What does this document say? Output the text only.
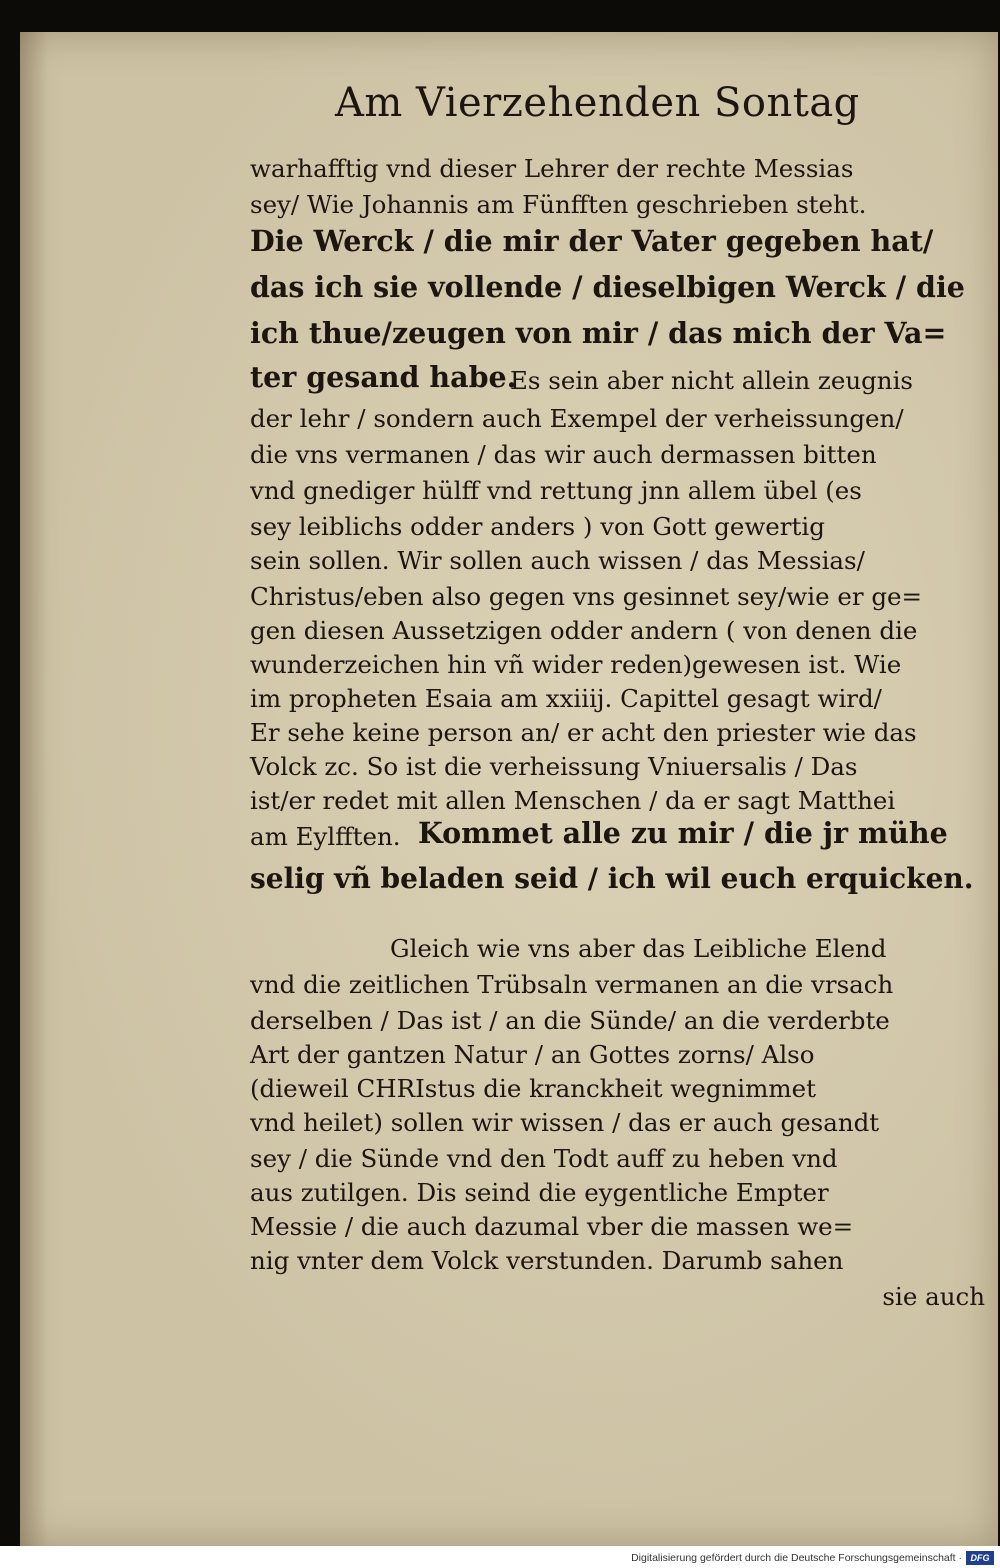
Am Vierzehenden Sontag

warhafftig vnd dieser Lehrer der rechte Messias

sey/ Wie Johannis am Fünfften geschrieben steht.

Die Werck / die mir der Vater gegeben hat/

das ich sie vollende / dieselbigen Werck / die

ich thue/zeugen von mir / das mich der Va=

ter gesand habe.

Es sein aber nicht allein zeugnis

der lehr / sondern auch Exempel der verheissungen/

die vns vermanen / das wir auch dermassen bitten

vnd gnediger hülff vnd rettung jnn allem übel (es

sey leiblichs odder anders ) von Gott gewertig

sein sollen. Wir sollen auch wissen / das Messias/

Christus/eben also gegen vns gesinnet sey/wie er ge=

gen diesen Aussetzigen odder andern ( von denen die

wunderzeichen hin vñ wider reden)gewesen ist. Wie

im propheten Esaia am xxiiij. Capittel gesagt wird/

Er sehe keine person an/ er acht den priester wie das

Volck zc. So ist die verheissung Vniuersalis / Das

ist/er redet mit allen Menschen / da er sagt Matthei

am Eylfften. Kommet alle zu mir / die jr mühe

selig vñ beladen seid / ich wil euch erquicken.

Gleich wie vns aber das Leibliche Elend

vnd die zeitlichen Trübsaln vermanen an die vrsach

derselben / Das ist / an die Sünde/ an die verderbte

Art der gantzen Natur / an Gottes zorns/ Also

(dieweil CHRIstus die kranckheit wegnimmet

vnd heilet) sollen wir wissen / das er auch gesandt

sey / die Sünde vnd den Todt auff zu heben vnd

aus zutilgen. Dis seind die eygentliche Empter

Messie / die auch dazumal vber die massen we=

nig vnter dem Volck verstunden. Darumb sahen

sie auch

Digitalisierung gefördert durch die Deutsche Forschungsgemeinschaft · DFG
